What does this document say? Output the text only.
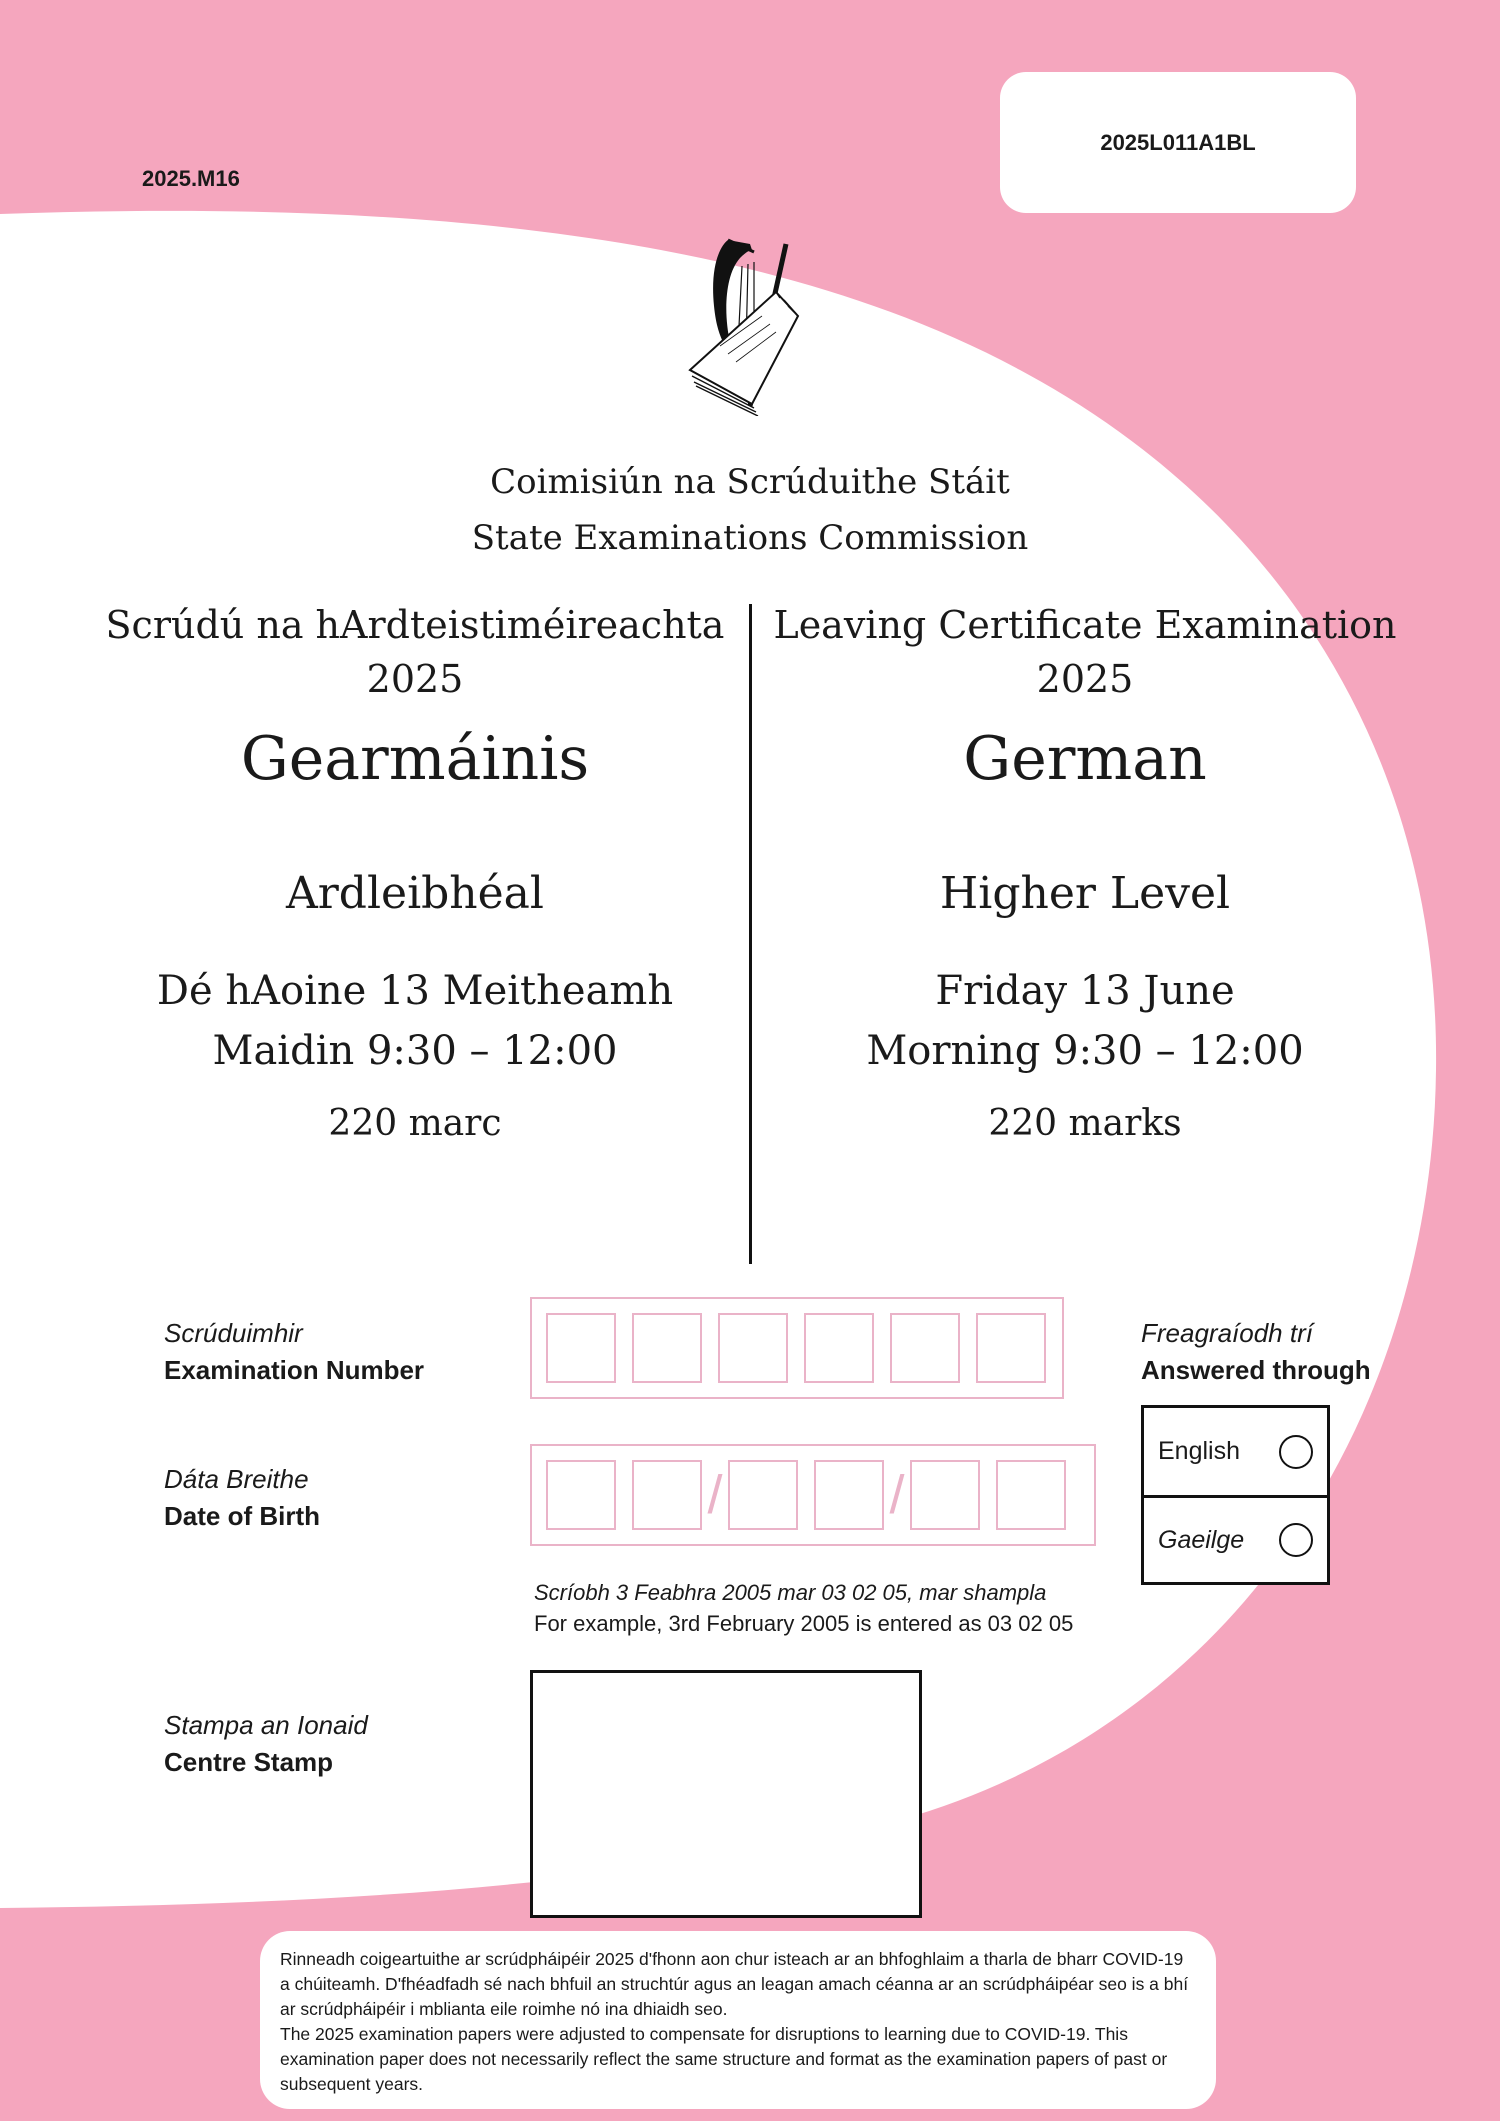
2025.M16
2025L011A1BL
Coimisiún na Scrúduithe Stáit
State Examinations Commission
Scrúdú na hArdteistiméireachta
2025
Gearmáinis
Ardleibhéal
Dé hAoine 13 Meitheamh
Maidin 9:30 – 12:00
220 marc
Leaving Certificate Examination
2025
German
Higher Level
Friday 13 June
Morning 9:30 – 12:00
220 marks
Scrúduimhir
Examination Number
Dáta Breithe
Date of Birth	/	/
Scríobh 3 Feabhra 2005 mar 03 02 05, mar shampla
For example, 3rd February 2005 is entered as 03 02 05
Stampa an Ionaid
Centre Stamp
Freagraíodh trí
Answered through
English
Gaeilge
Rinneadh coigeartuithe ar scrúdpháipéir 2025 d'fhonn aon chur isteach ar an bhfoghlaim a tharla de bharr COVID-19 a chúiteamh. D'fhéadfadh sé nach bhfuil an struchtúr agus an leagan amach céanna ar an scrúdpháipéar seo is a bhí ar scrúdpháipéir i mblianta eile roimhe nó ina dhiaidh seo.
The 2025 examination papers were adjusted to compensate for disruptions to learning due to COVID-19. This examination paper does not necessarily reflect the same structure and format as the examination papers of past or subsequent years.
